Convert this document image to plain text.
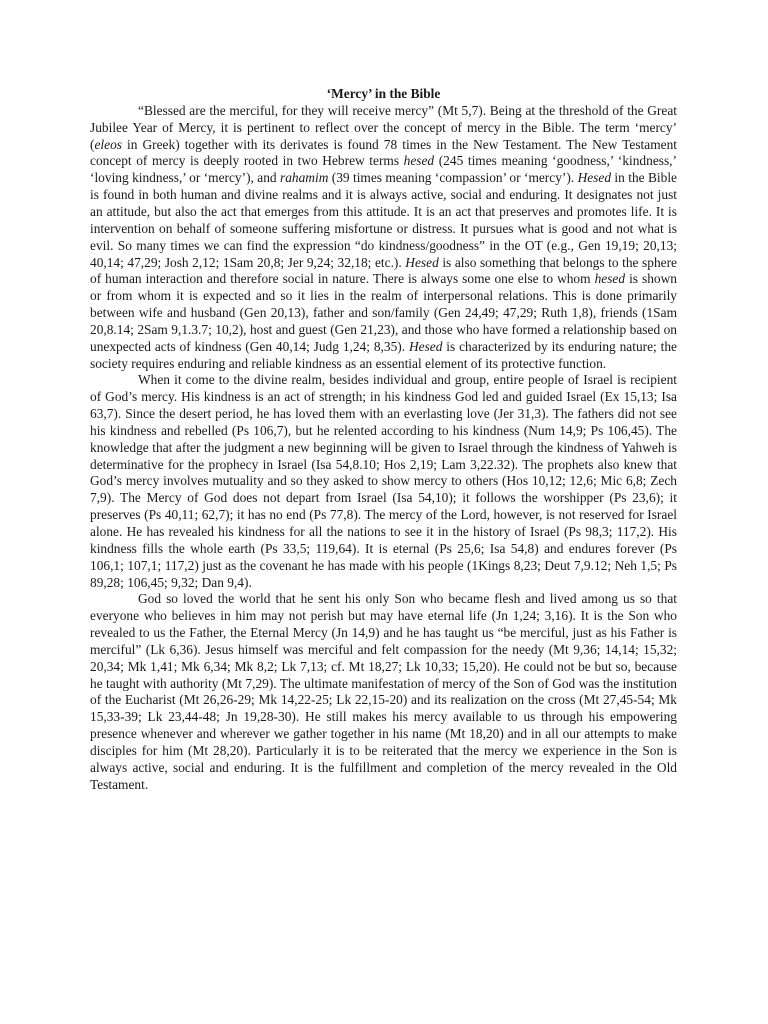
‘Mercy’ in the Bible

“Blessed are the merciful, for they will receive mercy” (Mt 5,7). Being at the threshold of the Great Jubilee Year of Mercy, it is pertinent to reflect over the concept of mercy in the Bible. The term ‘mercy’ (eleos in Greek) together with its derivates is found 78 times in the New Testament. The New Testament concept of mercy is deeply rooted in two Hebrew terms hesed (245 times meaning ‘goodness,’ ‘kindness,’ ‘loving kindness,’ or ‘mercy’), and rahamim (39 times meaning ‘compassion’ or ‘mercy’). Hesed in the Bible is found in both human and divine realms and it is always active, social and enduring. It designates not just an attitude, but also the act that emerges from this attitude. It is an act that preserves and promotes life. It is intervention on behalf of someone suffering misfortune or distress. It pursues what is good and not what is evil. So many times we can find the expression “do kindness/goodness” in the OT (e.g., Gen 19,19; 20,13; 40,14; 47,29; Josh 2,12; 1Sam 20,8; Jer 9,24; 32,18; etc.). Hesed is also something that belongs to the sphere of human interaction and therefore social in nature. There is always some one else to whom hesed is shown or from whom it is expected and so it lies in the realm of interpersonal relations. This is done primarily between wife and husband (Gen 20,13), father and son/family (Gen 24,49; 47,29; Ruth 1,8), friends (1Sam 20,8.14; 2Sam 9,1.3.7; 10,2), host and guest (Gen 21,23), and those who have formed a relationship based on unexpected acts of kindness (Gen 40,14; Judg 1,24; 8,35). Hesed is characterized by its enduring nature; the society requires enduring and reliable kindness as an essential element of its protective function.

When it come to the divine realm, besides individual and group, entire people of Israel is recipient of God’s mercy. His kindness is an act of strength; in his kindness God led and guided Israel (Ex 15,13; Isa 63,7). Since the desert period, he has loved them with an everlasting love (Jer 31,3). The fathers did not see his kindness and rebelled (Ps 106,7), but he relented according to his kindness (Num 14,9; Ps 106,45). The knowledge that after the judgment a new beginning will be given to Israel through the kindness of Yahweh is determinative for the prophecy in Israel (Isa 54,8.10; Hos 2,19; Lam 3,22.32). The prophets also knew that God’s mercy involves mutuality and so they asked to show mercy to others (Hos 10,12; 12,6; Mic 6,8; Zech 7,9). The Mercy of God does not depart from Israel (Isa 54,10); it follows the worshipper (Ps 23,6); it preserves (Ps 40,11; 62,7); it has no end (Ps 77,8). The mercy of the Lord, however, is not reserved for Israel alone. He has revealed his kindness for all the nations to see it in the history of Israel (Ps 98,3; 117,2). His kindness fills the whole earth (Ps 33,5; 119,64). It is eternal (Ps 25,6; Isa 54,8) and endures forever (Ps 106,1; 107,1; 117,2) just as the covenant he has made with his people (1Kings 8,23; Deut 7,9.12; Neh 1,5; Ps 89,28; 106,45; 9,32; Dan 9,4).

God so loved the world that he sent his only Son who became flesh and lived among us so that everyone who believes in him may not perish but may have eternal life (Jn 1,24; 3,16). It is the Son who revealed to us the Father, the Eternal Mercy (Jn 14,9) and he has taught us “be merciful, just as his Father is merciful” (Lk 6,36). Jesus himself was merciful and felt compassion for the needy (Mt 9,36; 14,14; 15,32; 20,34; Mk 1,41; Mk 6,34; Mk 8,2; Lk 7,13; cf. Mt 18,27; Lk 10,33; 15,20). He could not be but so, because he taught with authority (Mt 7,29). The ultimate manifestation of mercy of the Son of God was the institution of the Eucharist (Mt 26,26-29; Mk 14,22-25; Lk 22,15-20) and its realization on the cross (Mt 27,45-54; Mk 15,33-39; Lk 23,44-48; Jn 19,28-30). He still makes his mercy available to us through his empowering presence whenever and wherever we gather together in his name (Mt 18,20) and in all our attempts to make disciples for him (Mt 28,20). Particularly it is to be reiterated that the mercy we experience in the Son is always active, social and enduring. It is the fulfillment and completion of the mercy revealed in the Old Testament.
